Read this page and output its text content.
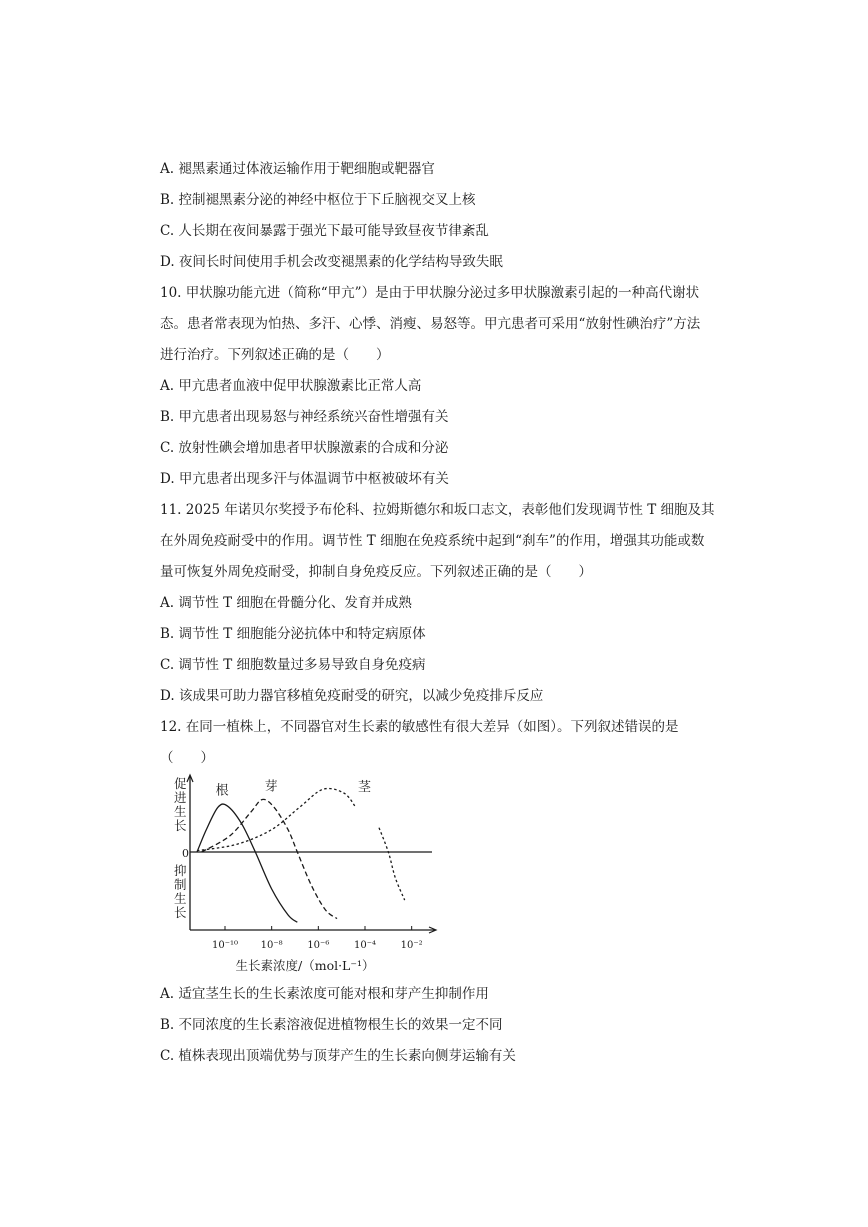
A. 褪黑素通过体液运输作用于靶细胞或靶器官
B. 控制褪黑素分泌的神经中枢位于下丘脑视交叉上核
C. 人长期在夜间暴露于强光下最可能导致昼夜节律紊乱
D. 夜间长时间使用手机会改变褪黑素的化学结构导致失眠
10. 甲状腺功能亢进（简称“甲亢”）是由于甲状腺分泌过多甲状腺激素引起的一种高代谢状
态。患者常表现为怕热、多汗、心悸、消瘦、易怒等。甲亢患者可采用“放射性碘治疗”方法
进行治疗。下列叙述正确的是（　　）
A. 甲亢患者血液中促甲状腺激素比正常人高
B. 甲亢患者出现易怒与神经系统兴奋性增强有关
C. 放射性碘会增加患者甲状腺激素的合成和分泌
D. 甲亢患者出现多汗与体温调节中枢被破坏有关
11. 2025 年诺贝尔奖授予布伦科、拉姆斯德尔和坂口志文，表彰他们发现调节性 T 细胞及其
在外周免疫耐受中的作用。调节性 T 细胞在免疫系统中起到“刹车”的作用，增强其功能或数
量可恢复外周免疫耐受，抑制自身免疫反应。下列叙述正确的是（　　）
A. 调节性 T 细胞在骨髓分化、发育并成熟
B. 调节性 T 细胞能分泌抗体中和特定病原体
C. 调节性 T 细胞数量过多易导致自身免疫病
D. 该成果可助力器官移植免疫耐受的研究，以减少免疫排斥反应
12. 在同一植株上，不同器官对生长素的敏感性有很大差异（如图）。下列叙述错误的是
（　　）
0
促进生长
抑制生长
10⁻¹⁰ 10⁻⁸ 10⁻⁶ 10⁻⁴ 10⁻²
生长素浓度/（mol·L⁻¹）
根	芽	茎
A. 适宜茎生长的生长素浓度可能对根和芽产生抑制作用
B. 不同浓度的生长素溶液促进植物根生长的效果一定不同
C. 植株表现出顶端优势与顶芽产生的生长素向侧芽运输有关
